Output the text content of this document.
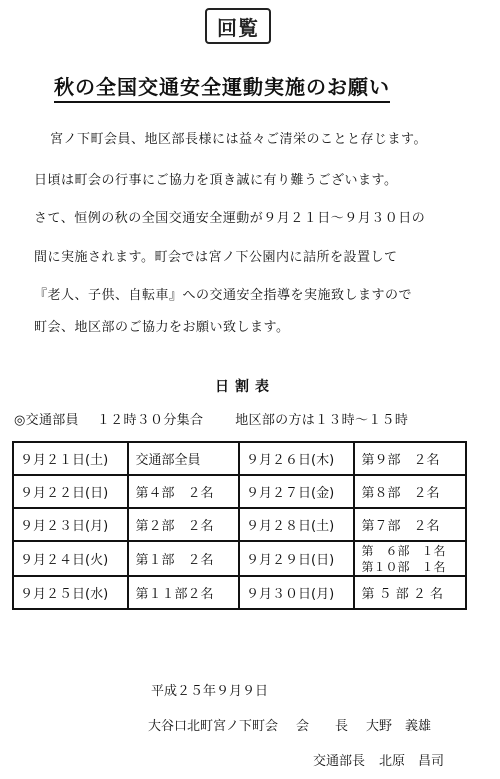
回覧
秋の全国交通安全運動実施のお願い
宮ノ下町会員、地区部長様には益々ご清栄のことと存じます。
日頃は町会の行事にご協力を頂き誠に有り難うございます。
さて、恒例の秋の全国交通安全運動が９月２１日〜９月３０日の
間に実施されます。町会では宮ノ下公園内に詰所を設置して
『老人、子供、自転車』への交通安全指導を実施致しますので
町会、地区部のご協力をお願い致します。
日割表
◎交通部員 １２時３０分集合 地区部の方は１３時〜１５時
９月２１日(土)	交通部全員	９月２６日(木)	第９部　２名
９月２２日(日)	第４部　２名	９月２７日(金)	第８部　２名
９月２３日(月)	第２部　２名	９月２８日(土)	第７部　２名
９月２４日(火)	第１部　２名	９月２９日(日)	第　６部　１名
第１０部　１名

９月２５日(水)	第１１部２名	９月３０日(月)	第 ５ 部 ２ 名
平成２５年９月９日
大谷口北町宮ノ下町会 会　　長 大野　義雄
交通部長 北原　昌司
